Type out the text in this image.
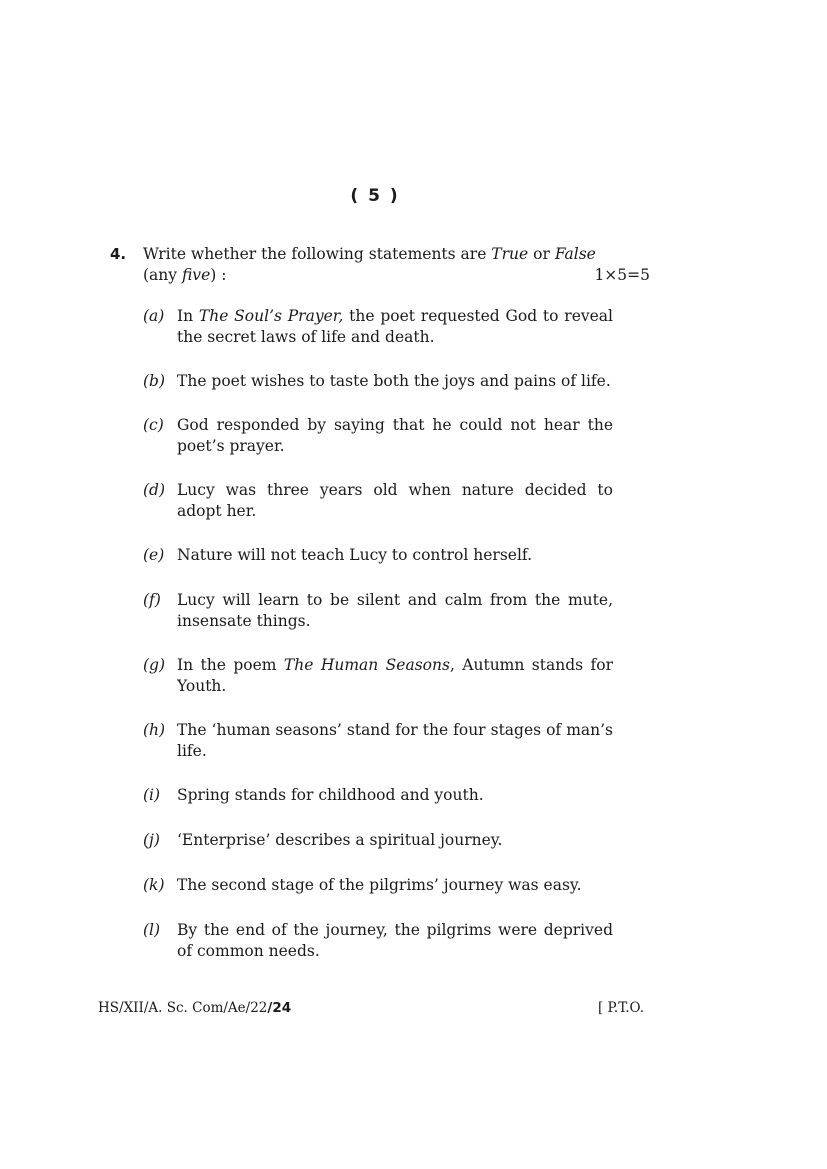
( 5 )
4. Write whether the following statements are True or False
(any five) :	1×5=5
(a) In The Soul’s Prayer, the poet requested God to reveal the secret laws of life and death.
(b) The poet wishes to taste both the joys and pains of life.
(c) God responded by saying that he could not hear the poet’s prayer.
(d) Lucy was three years old when nature decided to adopt her.
(e) Nature will not teach Lucy to control herself.
(f) Lucy will learn to be silent and calm from the mute, insensate things.
(g) In the poem The Human Seasons, Autumn stands for Youth.
(h) The ‘human seasons’ stand for the four stages of man’s life.
(i) Spring stands for childhood and youth.
(j) ‘Enterprise’ describes a spiritual journey.
(k) The second stage of the pilgrims’ journey was easy.
(l) By the end of the journey, the pilgrims were deprived of common needs.
HS/XII/A. Sc. Com/Ae/22/24	[ P.T.O.
